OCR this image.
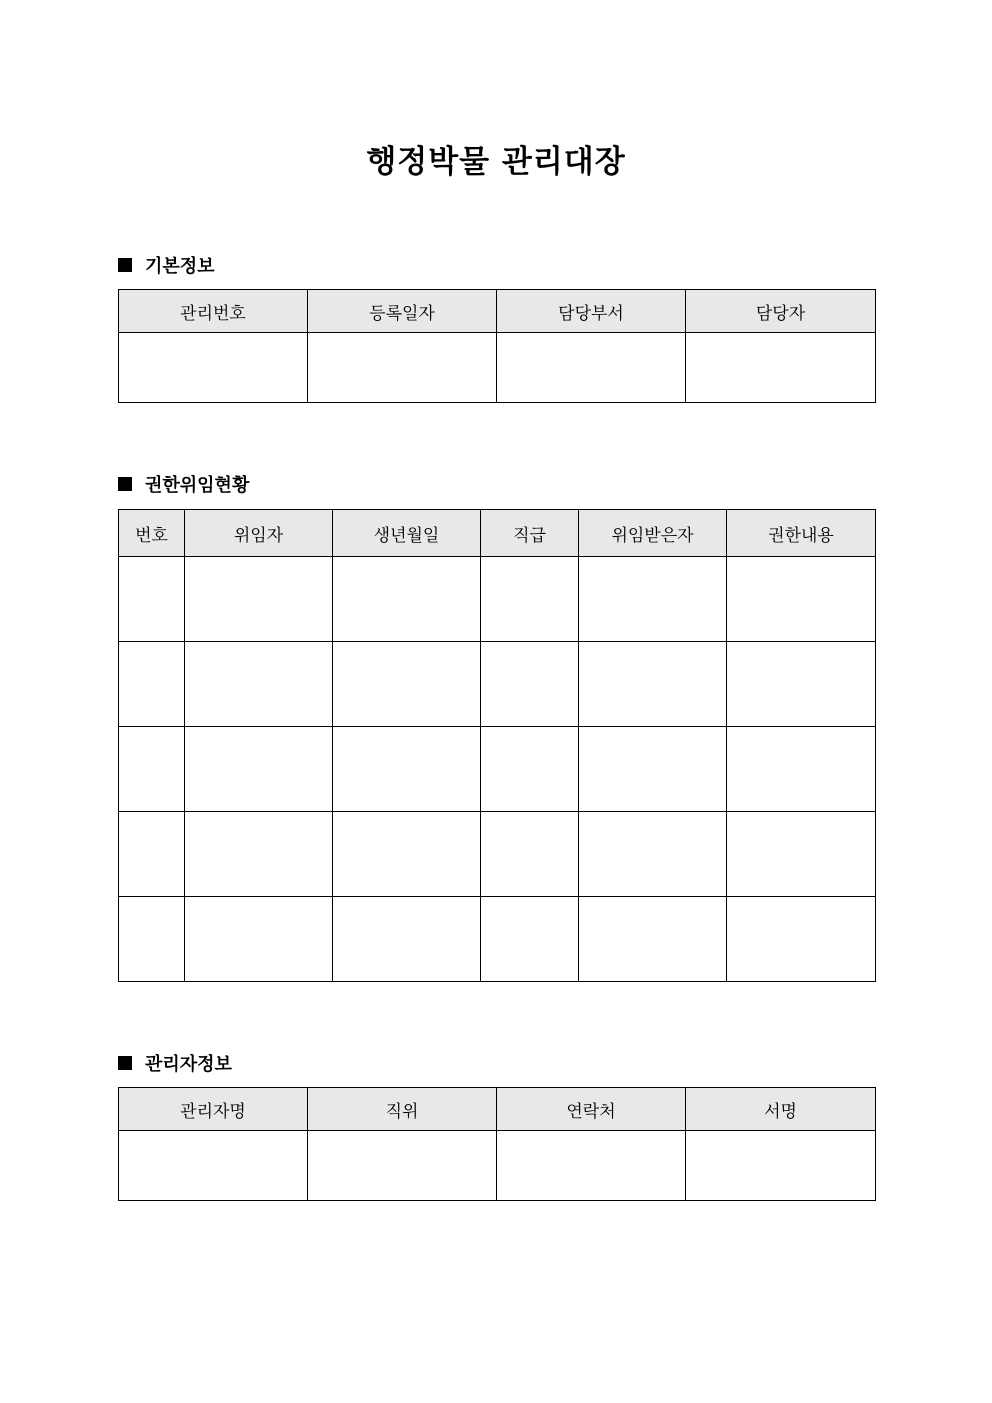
행정박물 관리대장
기본정보
관리번호	등록일자	담당부서	담당자

권한위임현황
번호	위임자	생년월일	직급	위임받은자	권한내용

관리자정보
관리자명	직위	연락처	서명
